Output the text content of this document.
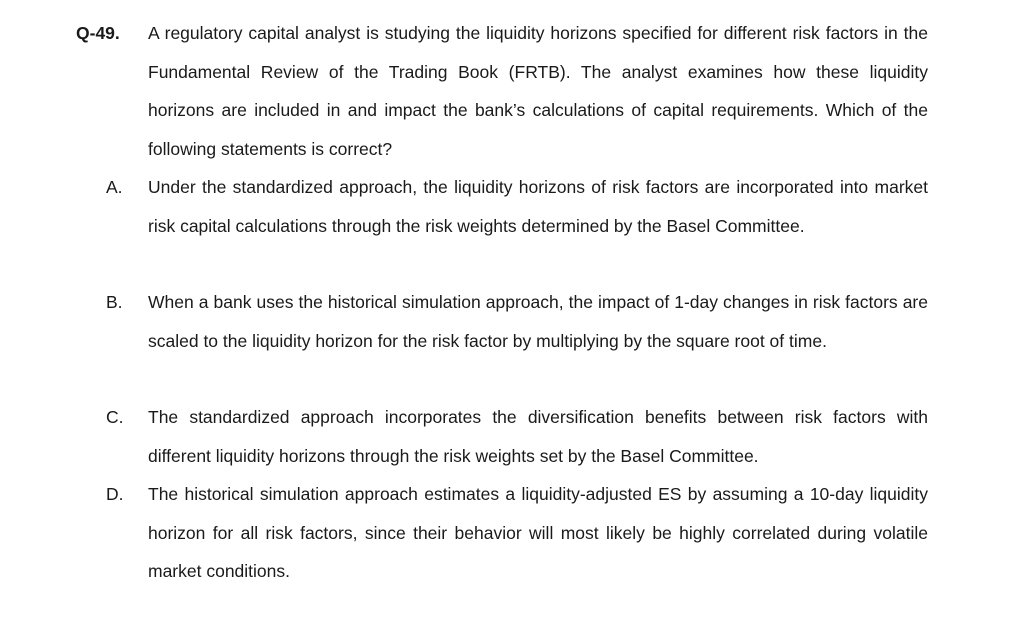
Q-49. A regulatory capital analyst is studying the liquidity horizons specified for different risk factors in the Fundamental Review of the Trading Book (FRTB). The analyst examines how these liquidity horizons are included in and impact the bank’s calculations of capital requirements. Which of the following statements is correct?
A. Under the standardized approach, the liquidity horizons of risk factors are incorporated into market risk capital calculations through the risk weights determined by the Basel Committee.
B. When a bank uses the historical simulation approach, the impact of 1-day changes in risk factors are scaled to the liquidity horizon for the risk factor by multiplying by the square root of time.
C. The standardized approach incorporates the diversification benefits between risk factors with different liquidity horizons through the risk weights set by the Basel Committee.
D. The historical simulation approach estimates a liquidity-adjusted ES by assuming a 10-day liquidity horizon for all risk factors, since their behavior will most likely be highly correlated during volatile market conditions.
